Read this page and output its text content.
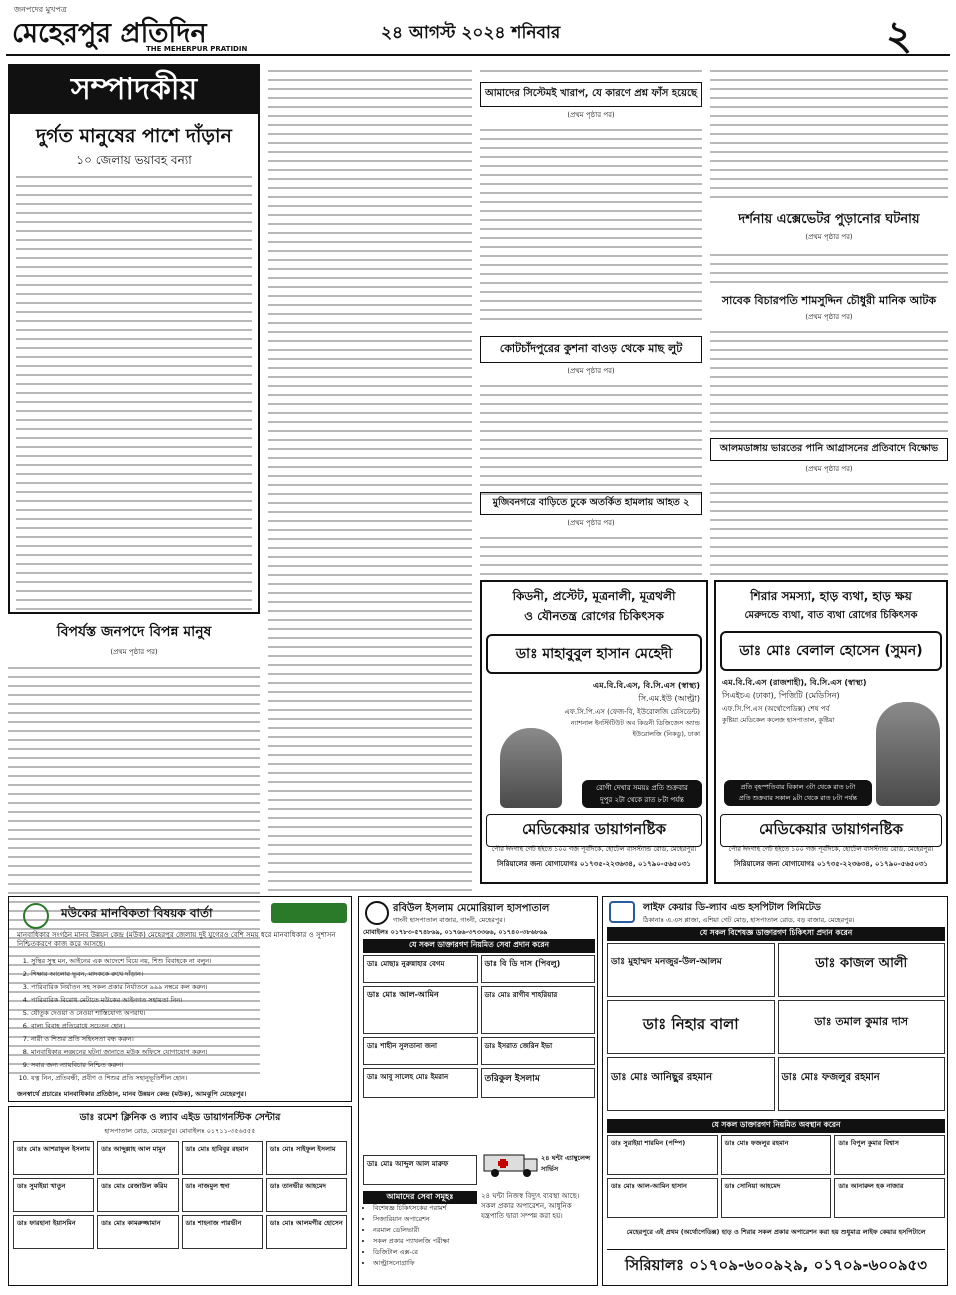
জনপদের মুখপত্র
মেহেরপুর প্রতিদিন
THE MEHERPUR PRATIDIN
২৪ আগস্ট ২০২৪ শনিবার	২
সম্পাদকীয়
দুর্গত মানুষের পাশে দাঁড়ান
১০ জেলায় ভয়াবহ বন্যা
বিপর্যস্ত জনপদে বিপন্ন মানুষ
(প্রথম পৃষ্ঠার পর)
আমাদের সিস্টেমই খারাপ, যে কারণে প্রশ্ন ফাঁস হয়েছে
(প্রথম পৃষ্ঠার পর)
কোটচাঁদপুরের কুশনা বাওড় থেকে মাছ লুট
(প্রথম পৃষ্ঠার পর)
মুজিবনগরে বাড়িতে ঢুকে অতর্কিত হামলায় আহত ২
(প্রথম পৃষ্ঠার পর)
দর্শনায় এক্সেভেটর পুড়ানোর ঘটনায়
(প্রথম পৃষ্ঠার পর)
সাবেক বিচারপতি শামসুদ্দিন চৌধুরী মানিক আটক
(প্রথম পৃষ্ঠার পর)
আলমডাঙ্গায় ভারতের পানি আগ্রাসনের প্রতিবাদে বিক্ষোভ
(প্রথম পৃষ্ঠার পর)
কিডনী, প্রস্টেট, মূত্রনালী, মূত্রথলী
ও যৌনতন্ত্র রোগের চিকিৎসক
ডাঃ মাহাবুবুল হাসান মেহেদী
এম.বি.বি.এস, বি.সি.এস (স্বাস্থ্য)
সি.এম.ইউ (আল্ট্রা)
এফ.সি.পি.এস (ফেজ-বি, ইউরোলজি রেসিডেন্ট)
ন্যাশনাল ইনস্টিটিউট অব কিডনী ডিজিজেস অ্যান্ড ইউরোলজি (নিকডু), ঢাকা
রোগী দেখার সময়ঃ প্রতি শুক্রবার
দুপুর ২টা থেকে রাত ৮টা পর্যন্ত
মেডিকেয়ার ডায়াগনষ্টিক
পৌর ঈদগাহ গেট হইতে ১০০ গজ পূর্বদিকে, হোটেল বাসস্ট্যান্ড রোড, মেহেরপুর।
সিরিয়ালের জন্য যোগাযোগঃ ০১৭৩৫-২২৩৬৩৪, ০১৭৯০-৫৬৫০৩১
শিরার সমস্যা, হাড় ব্যথা, হাড় ক্ষয়
মেরুদন্ডে ব্যথা, বাত ব্যথা রোগের চিকিৎসক
ডাঃ মোঃ বেলাল হোসেন (সুমন)
এম.বি.বি.এস (রাজশাহী), বি.সি.এস (স্বাস্থ্য)
সিএইচএ (ঢাকা), পিজিটি (মেডিসিন)
এফ.সি.পি.এস (অর্থোপেডিক্স) শেষ পর্ব
কুষ্টিয়া মেডিকেল কলেজ হাসপাতাল, কুষ্টিয়া
প্রতি বৃহস্পতিবার বিকাল ৩টা থেকে রাত ৮টা
প্রতি শুক্রবার সকাল ৯টা থেকে রাত ৮টা পর্যন্ত
মেডিকেয়ার ডায়াগনষ্টিক
পৌর ঈদগাহ গেট হইতে ১০০ গজ পূর্বদিকে, হোটেল বাসস্ট্যান্ড রোড, মেহেরপুর।
সিরিয়ালের জন্য যোগাযোগঃ ০১৭৩৫-২২৩৬৩৪, ০১৭৯০-৫৬৫০৩১
মউকের মানবিকতা বিষয়ক বার্তা
মানবাধিকার সংগঠন মানব উন্নয়ন কেন্দ্র (মউক) মেহেরপুর জেলায় দুই যুগেরও বেশি সময় ধরে মানবাধিকার ও সুশাসন নিশ্চিতকরণে কাজ করে আসছে।
1. সুস্থির সুস্থ মন, আইনের এক আদেশে বিয়ে নয়, শিশু বিবাহকে না বলুন।
2. শিক্ষার আলোর ভুবন, মাদককে রুখে দাঁড়ান।
3. পারিবারিক নির্যাতন সহ সকল প্রকার নির্যাতনে ৯৯৯ নম্বরে কল করুন।
4. পারিবারিক বিরোধ মেটাতে মউকের আইনগত সহায়তা নিন।
5. যৌতুক দেওয়া ও নেওয়া শাস্তিযোগ্য অপরাধ।
6. বাল্য বিবাহ প্রতিরোধে সচেতন হোন।
7. নারী ও শিশুর প্রতি সহিংসতা বন্ধ করুন।
8. মানবাধিকার লঙ্ঘনের ঘটনা জানাতে মউক অফিসে যোগাযোগ করুন।
9. সবার জন্য ন্যায়বিচার নিশ্চিত করুন।
10. যত্ন নিন, প্রতিবন্ধী, প্রবীণ ও শিশুর প্রতি সহানুভূতিশীল হোন।
জনস্বার্থে প্রচারেঃ মানবাধিকার প্রতিষ্ঠান, মানব উন্নয়ন কেন্দ্র (মউক), আমঝুপি মেহেরপুর।
ডাঃ রমেশ ক্লিনিক ও ল্যাব এইড ডায়াগনস্টিক সেন্টার
হাসপাতাল রোড, মেহেরপুর। মোবাইলঃ ০১৭১১-৩৫৬৫৫৫
ডাঃ মোঃ আশরাফুল ইসলাম ডাঃ আব্দুল্লাহ আল মামুন	ডাঃ মোঃ হাবিবুর রহমান	ডাঃ মোঃ সাইফুল ইসলাম
ডাঃ সুমাইয়া খাতুন	ডাঃ মোঃ রেজাউল করিম	ডাঃ নাজমুল হুদা	ডাঃ তানভীর আহমেদ
ডাঃ ফারহানা ইয়াসমিন	ডাঃ মোঃ কামরুজ্জামান	ডাঃ শাহনাজ পারভীন	ডাঃ মোঃ আলমগীর হোসেন
রবিউল ইসলাম মেমোরিয়াল হাসপাতাল
গাংনী হাসপাতাল বাজার, গাংনী, মেহেরপুর।
মোবাইলঃ ০১৭৮৩-৫৭৪৮৬৯, ০১৭৬৬-৩৭৩৩৬৬, ০১৭৪০-৩৮৬৮৬৯
যে সকল ডাক্তারগণ নিয়মিত সেবা প্রদান করেন
ডাঃ মোছাঃ নুরুন্নাহার বেগম	ডাঃ বি ডি দাস (পিবলু)
ডাঃ মোঃ আল-আমিন	ডাঃ মোঃ রাগীব শাহরিয়ার
ডাঃ শাহীন সুলতানা জনা	ডাঃ ইসরাত জেরিন ইভা
ডাঃ আবু সালেহ মোঃ ইমরান	তরিকুল ইসলাম
ডাঃ মোঃ আব্দুল আল মারুফ
২৪ ঘন্টা এ্যাম্বুলেন্স সার্ভিস
আমাদের সেবা সমূহঃ
• বিশেষজ্ঞ চিকিৎসকের পরামর্শ
• সিজারিয়ান অপারেশন
• নরমাল ডেলিভারী
• সকল প্রকার প্যাথলজি পরীক্ষা
• ডিজিটাল এক্স-রে
• আল্ট্রাসনোগ্রাফি
২৪ ঘন্টা নিজস্ব বিদ্যুৎ ব্যবস্থা আছে। সকল প্রকার অপারেশন, আধুনিক যন্ত্রপাতি দ্বারা সম্পন্ন করা হয়।
লাইফ কেয়ার ডি-ল্যাব এন্ড হসপিটাল লিমিটেড
ঠিকানাঃ এ.এস প্লাজা, এশিয়া গেট মোড়, হাসপাতাল রোড, বড় বাজার, মেহেরপুর।
যে সকল বিশেষজ্ঞ ডাক্তারগণ চিকিৎসা প্রদান করেন
ডাঃ মুহাম্মদ মনজুর-উল-আলম	ডাঃ কাজল আলী
ডাঃ নিহার বালা	ডাঃ তমাল কুমার দাস
ডাঃ মোঃ আনিছুর রহমান	ডাঃ মোঃ ফজলুর রহমান
যে সকল ডাক্তারগণ নিয়মিত অবস্থান করেন
ডাঃ সুরাইয়া শারমিন (পম্পি)	ডাঃ মোঃ ফজলুর রহমান	ডাঃ বিপুল কুমার বিশ্বাস
ডাঃ মোঃ আল-আমিন হাসান	ডাঃ সোনিয়া আহমেদ	ডাঃ আনারুল হক নাজার
মেহেরপুরে এই প্রথম (অর্থোপেডিক্স) হাড় ও শিরার সকল প্রকার অপারেশন করা হয় শুধুমাত্র লাইফ কেয়ার হসপিটালে
সিরিয়ালঃ ০১৭০৯-৬০০৯২৯, ০১৭০৯-৬০০৯৫৩
